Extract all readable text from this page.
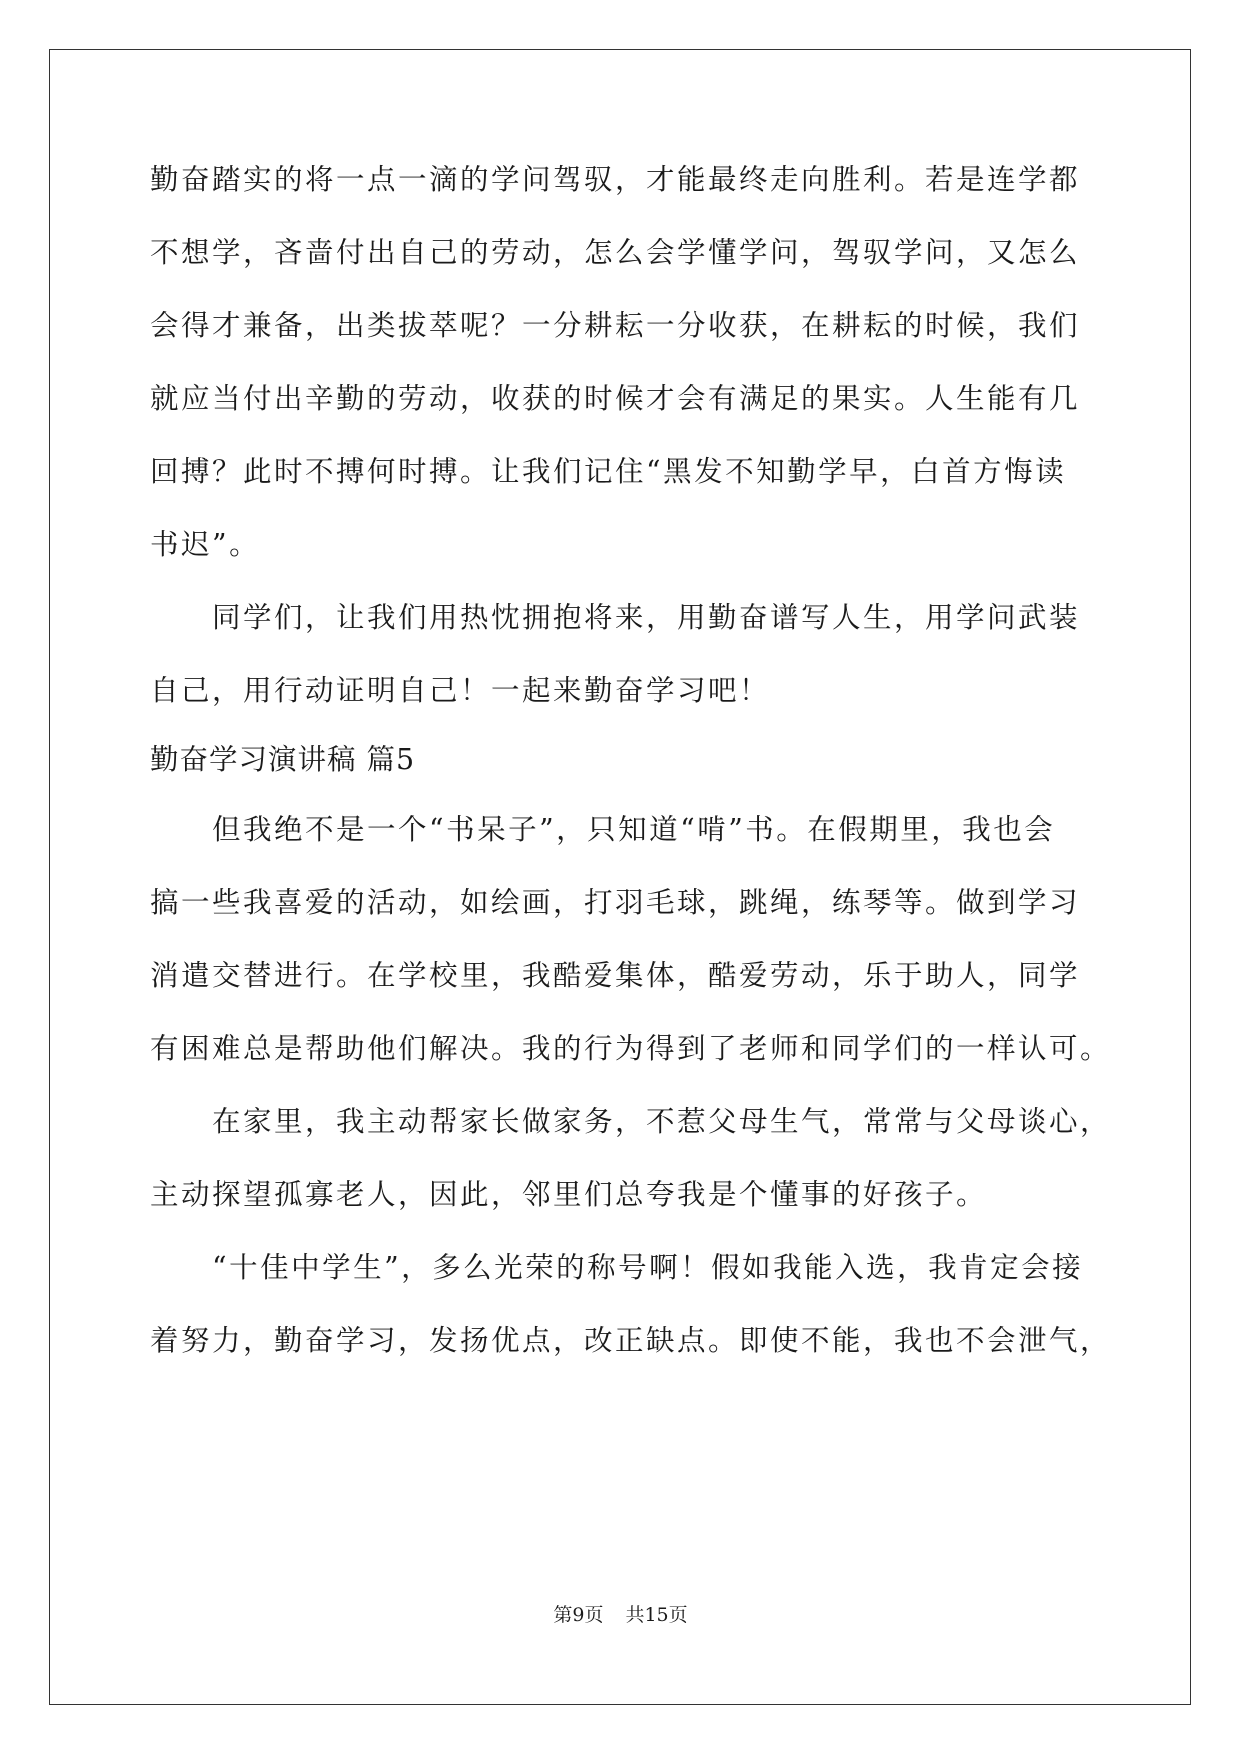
勤奋踏实的将一点一滴的学问驾驭，才能最终走向胜利。若是连学都
不想学，吝啬付出自己的劳动，怎么会学懂学问，驾驭学问，又怎么
会得才兼备，出类拔萃呢？一分耕耘一分收获，在耕耘的时候，我们
就应当付出辛勤的劳动，收获的时候才会有满足的果实。人生能有几
回搏？此时不搏何时搏。让我们记住“黑发不知勤学早，白首方悔读
书迟”。
　　同学们，让我们用热忱拥抱将来，用勤奋谱写人生，用学问武装
自己，用行动证明自己！一起来勤奋学习吧！
勤奋学习演讲稿 篇5
　　但我绝不是一个“书呆子”，只知道“啃”书。在假期里，我也会
搞一些我喜爱的活动，如绘画，打羽毛球，跳绳，练琴等。做到学习
消遣交替进行。在学校里，我酷爱集体，酷爱劳动，乐于助人，同学
有困难总是帮助他们解决。我的行为得到了老师和同学们的一样认可。
　　在家里，我主动帮家长做家务，不惹父母生气，常常与父母谈心，
主动探望孤寡老人，因此，邻里们总夸我是个懂事的好孩子。
　　“十佳中学生”，多么光荣的称号啊！假如我能入选，我肯定会接
着努力，勤奋学习，发扬优点，改正缺点。即使不能，我也不会泄气，
第9页 共15页
